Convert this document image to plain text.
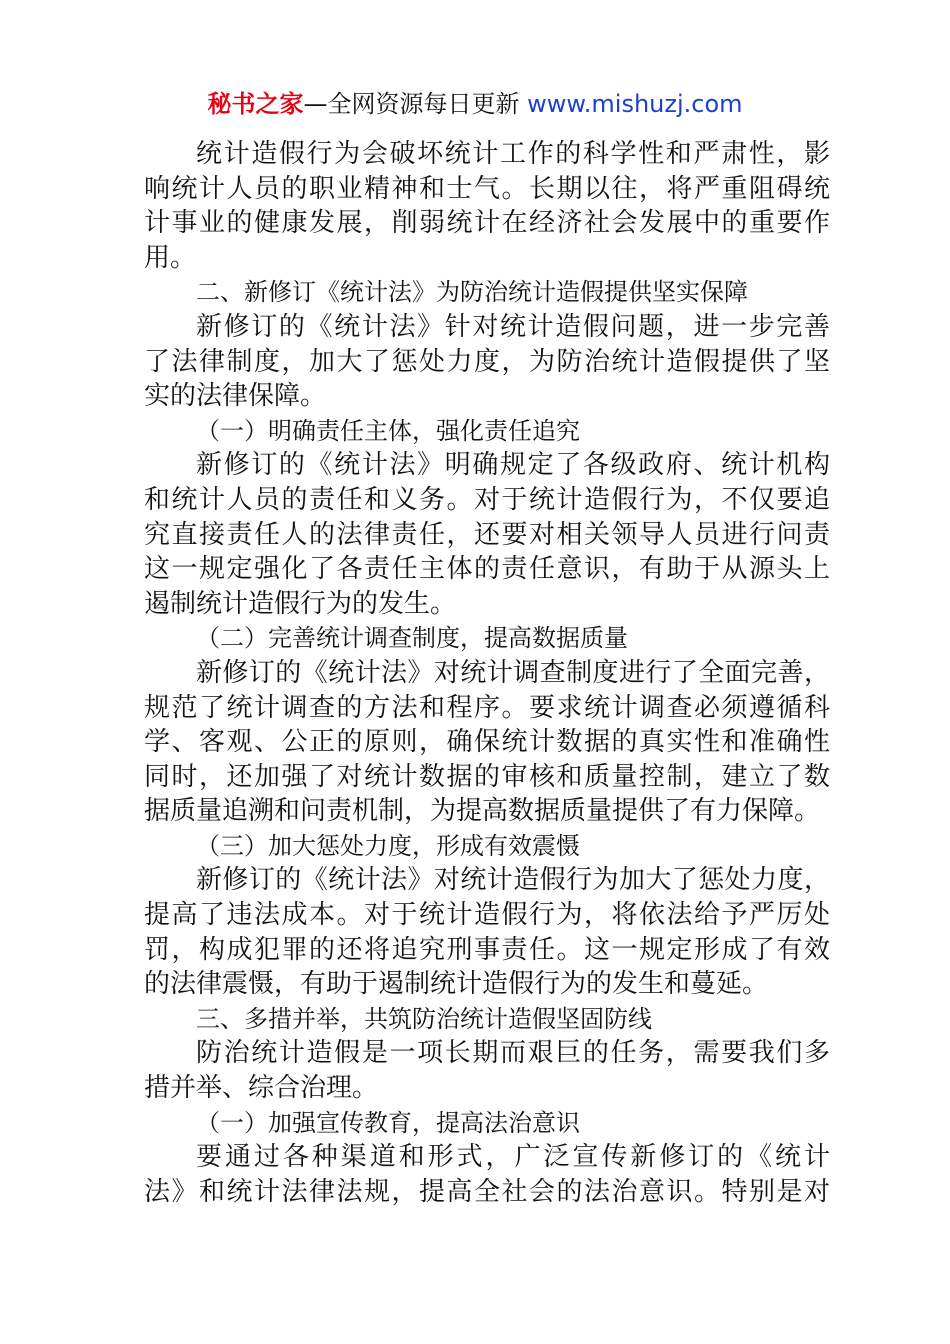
秘书之家—全网资源每日更新 www.mishuzj.com
统计造假行为会破坏统计工作的科学性和严肃性，影
响统计人员的职业精神和士气。长期以往，将严重阻碍统
计事业的健康发展，削弱统计在经济社会发展中的重要作
用。
二、新修订《统计法》为防治统计造假提供坚实保障
新修订的《统计法》针对统计造假问题，进一步完善
了法律制度，加大了惩处力度，为防治统计造假提供了坚
实的法律保障。
（一）明确责任主体，强化责任追究
新修订的《统计法》明确规定了各级政府、统计机构
和统计人员的责任和义务。对于统计造假行为，不仅要追
究直接责任人的法律责任，还要对相关领导人员进行问责
这一规定强化了各责任主体的责任意识，有助于从源头上
遏制统计造假行为的发生。
（二）完善统计调查制度，提高数据质量
新修订的《统计法》对统计调查制度进行了全面完善，
规范了统计调查的方法和程序。要求统计调查必须遵循科
学、客观、公正的原则，确保统计数据的真实性和准确性
同时，还加强了对统计数据的审核和质量控制，建立了数
据质量追溯和问责机制，为提高数据质量提供了有力保障。
（三）加大惩处力度，形成有效震慑
新修订的《统计法》对统计造假行为加大了惩处力度，
提高了违法成本。对于统计造假行为，将依法给予严厉处
罚，构成犯罪的还将追究刑事责任。这一规定形成了有效
的法律震慑，有助于遏制统计造假行为的发生和蔓延。
三、多措并举，共筑防治统计造假坚固防线
防治统计造假是一项长期而艰巨的任务，需要我们多
措并举、综合治理。
（一）加强宣传教育，提高法治意识
要通过各种渠道和形式，广泛宣传新修订的《统计
法》和统计法律法规，提高全社会的法治意识。特别是对
